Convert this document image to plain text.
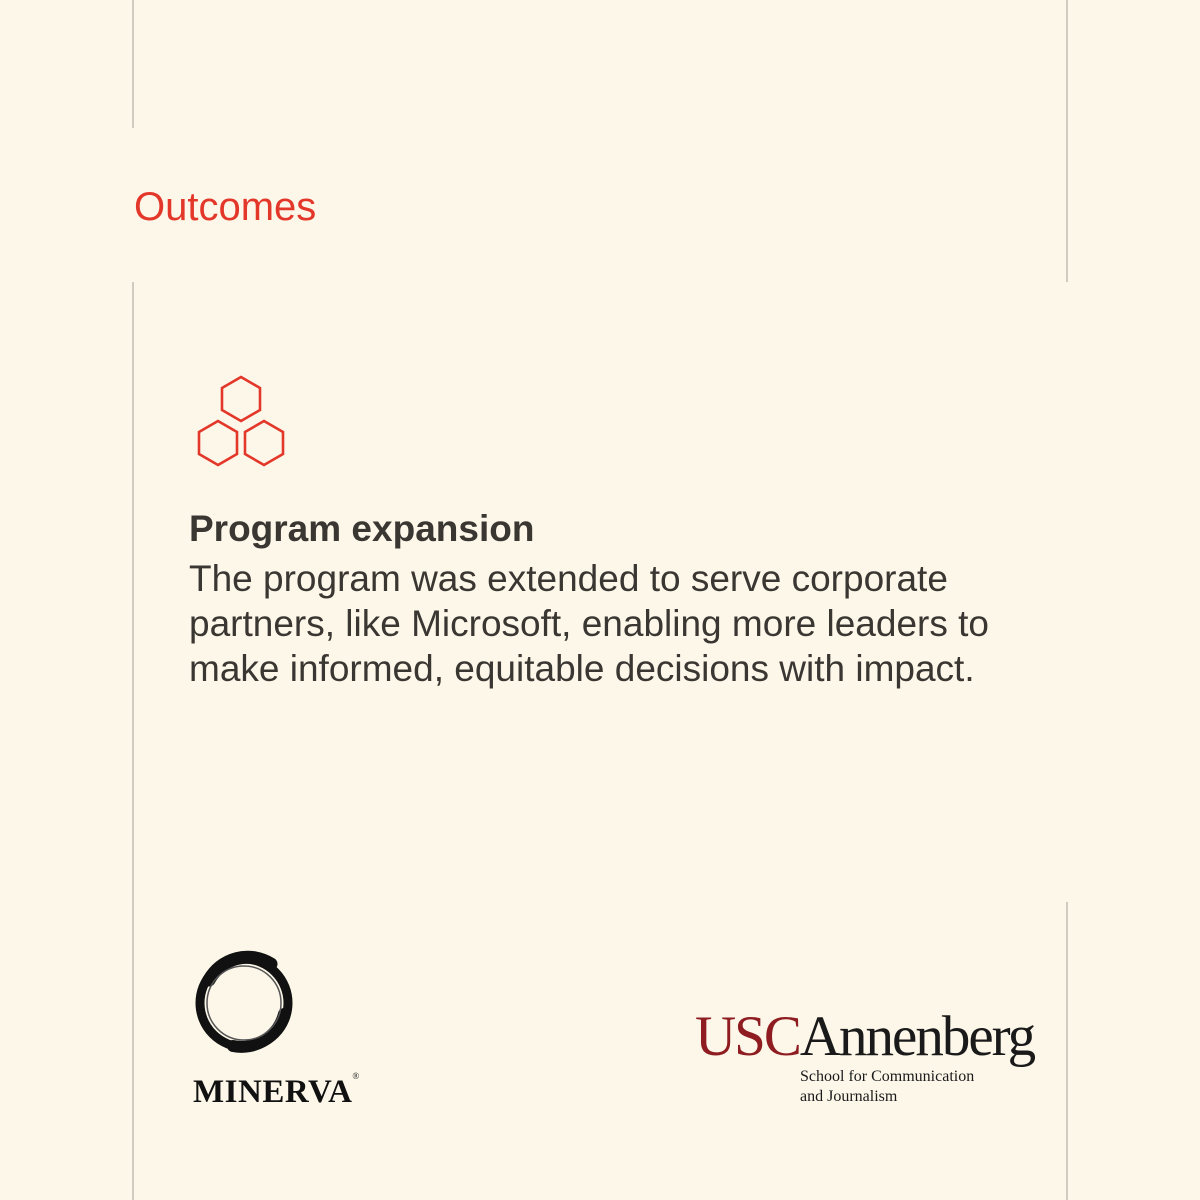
Outcomes
Program expansion

The program was extended to serve corporate partners, like Microsoft, enabling more leaders to make informed, equitable decisions with impact.

MINERVA®
USCAnnenberg
School for Communication
and Journalism
